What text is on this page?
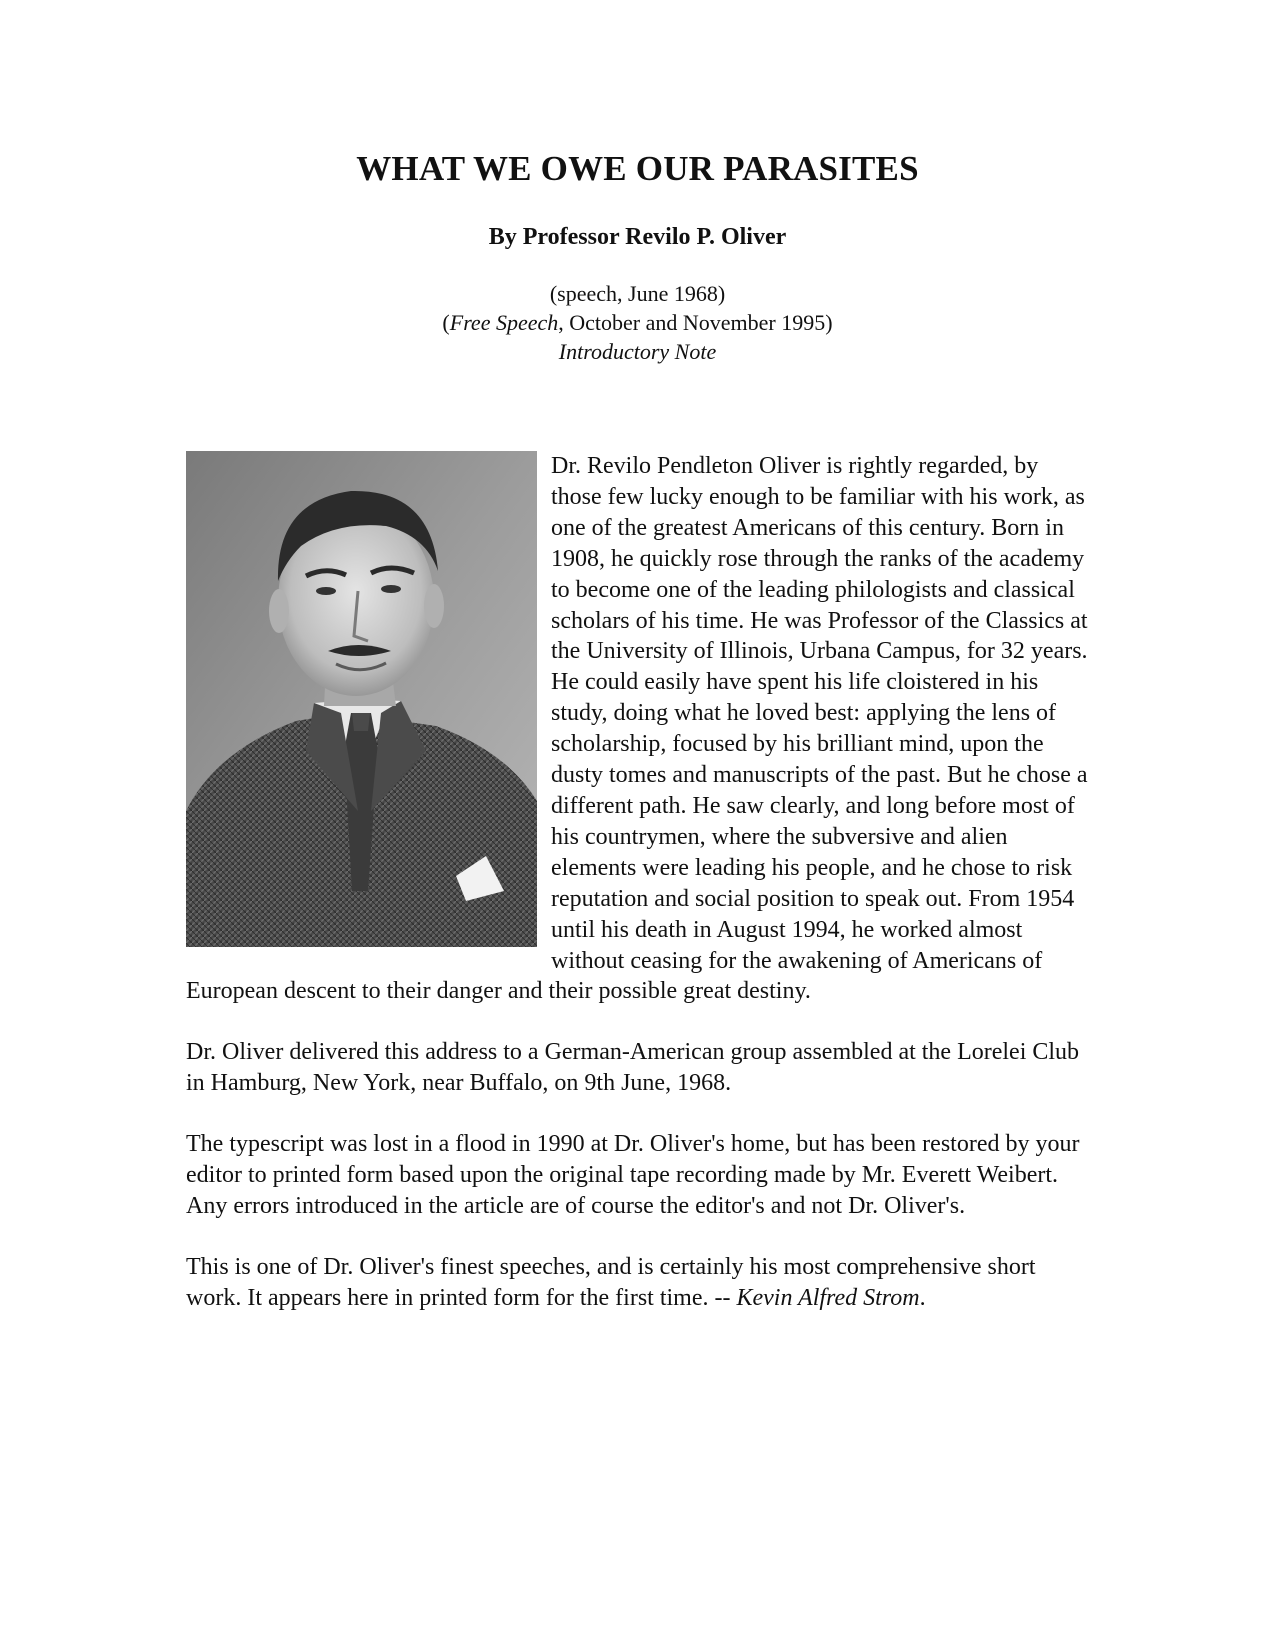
WHAT WE OWE OUR PARASITES
By Professor Revilo P. Oliver
(speech, June 1968)
(Free Speech, October and November 1995)
Introductory Note

Dr. Revilo Pendleton Oliver is rightly regarded, by those few lucky enough to be familiar with his work, as one of the greatest Americans of this century. Born in 1908, he quickly rose through the ranks of the academy to become one of the leading philologists and classical scholars of his time. He was Professor of the Classics at the University of Illinois, Urbana Campus, for 32 years. He could easily have spent his life cloistered in his study, doing what he loved best: applying the lens of scholarship, focused by his brilliant mind, upon the dusty tomes and manuscripts of the past. But he chose a different path. He saw clearly, and long before most of his countrymen, where the subversive and alien elements were leading his people, and he chose to risk reputation and social position to speak out. From 1954 until his death in August 1994, he worked almost without ceasing for the awakening of Americans of European descent to their danger and their possible great destiny.

Dr. Oliver delivered this address to a German-American group assembled at the Lorelei Club in Hamburg, New York, near Buffalo, on 9th June, 1968.

The typescript was lost in a flood in 1990 at Dr. Oliver's home, but has been restored by your editor to printed form based upon the original tape recording made by Mr. Everett Weibert. Any errors introduced in the article are of course the editor's and not Dr. Oliver's.

This is one of Dr. Oliver's finest speeches, and is certainly his most comprehensive short work. It appears here in printed form for the first time. -- Kevin Alfred Strom.
